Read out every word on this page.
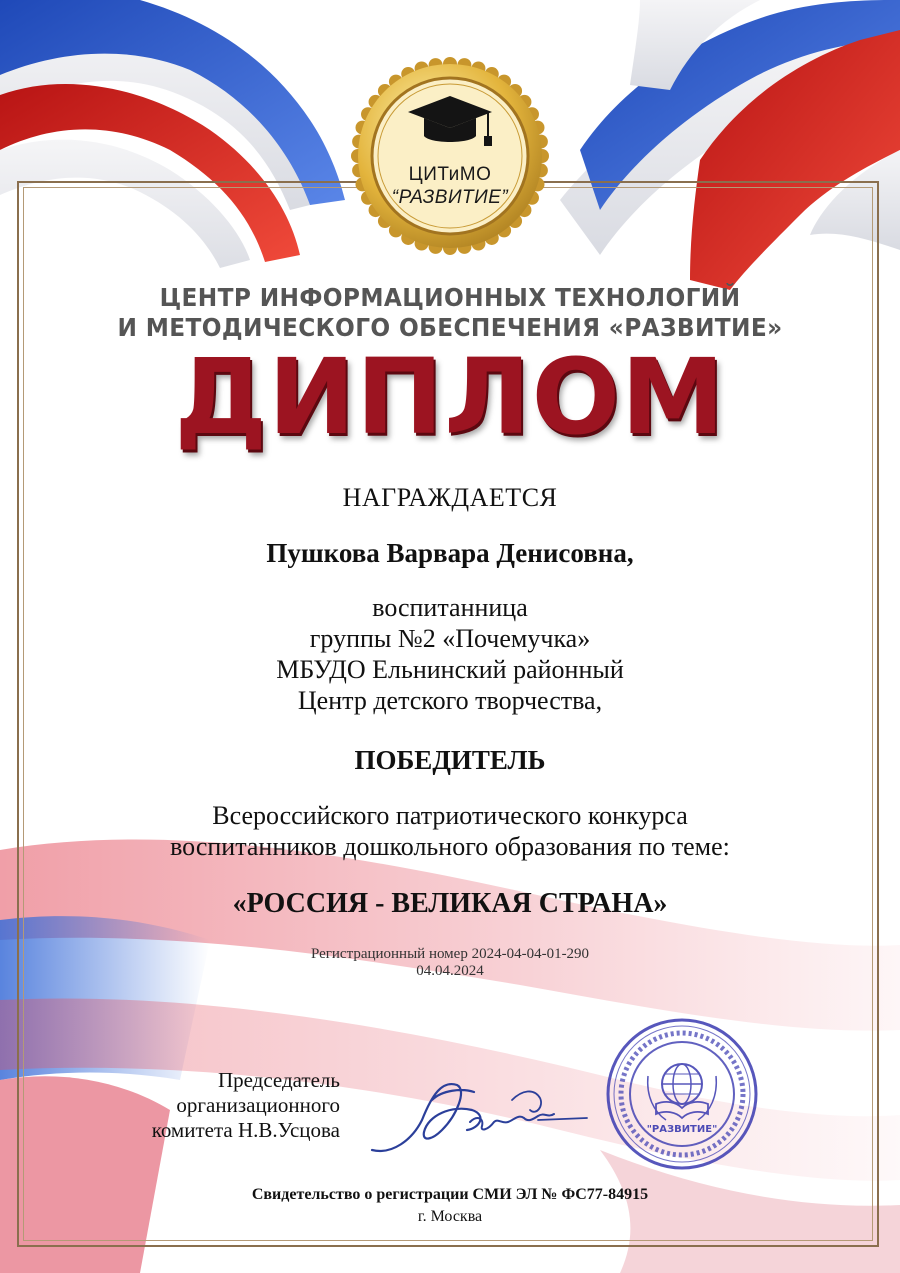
ЦИТиМО
“РАЗВИТИЕ”
ЦЕНТР ИНФОРМАЦИОННЫХ ТЕХНОЛОГИЙ
И МЕТОДИЧЕСКОГО ОБЕСПЕЧЕНИЯ «РАЗВИТИЕ»
ДИПЛОМ
НАГРАЖДАЕТСЯ
Пушкова Варвара Денисовна,
воспитанница
группы №2 «Почемучка»
МБУДО Ельнинский районный
Центр детского творчества,
ПОБЕДИТЕЛЬ
Всероссийского патриотического конкурса
воспитанников дошкольного образования по теме:
«РОССИЯ - ВЕЛИКАЯ СТРАНА»
Регистрационный номер 2024-04-04-01-290
04.04.2024
Председатель
организационного
комитета Н.В.Усцова	"РАЗВИТИЕ"
Свидетельство о регистрации СМИ ЭЛ № ФС77-84915
г. Москва
